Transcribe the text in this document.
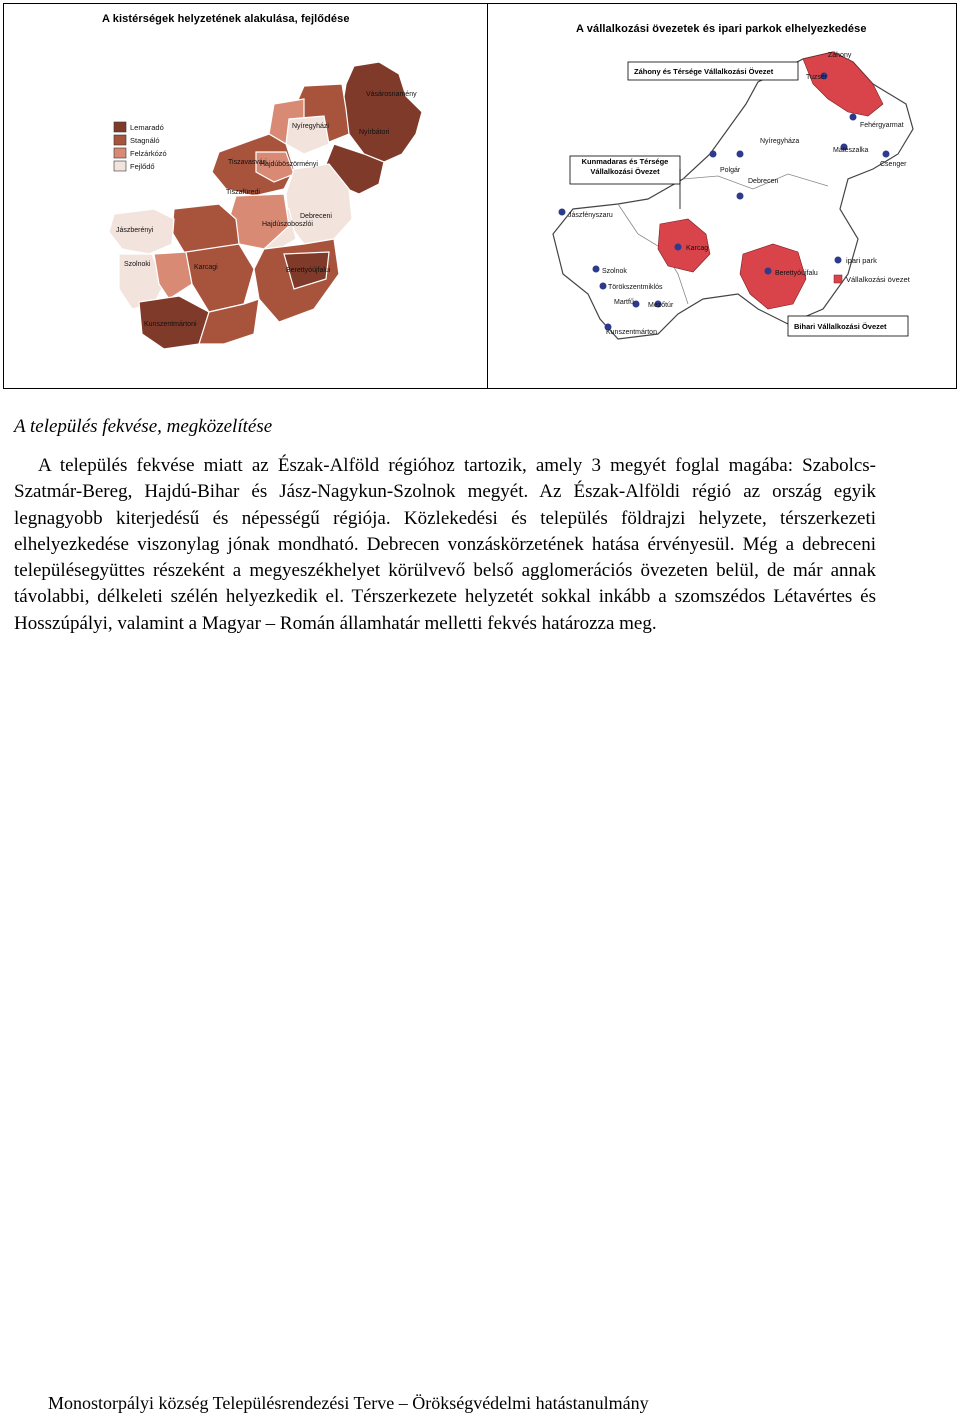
A kistérségek helyzetének alakulása, fejlődése
Lemaradó
Stagnáló
Felzárkózó
Fejlődő
Vásárosnamény
Nyírbátori
Tiszavasvári
Nyíregyházi
Hajdúböszörményi
Tiszafüredi
Debreceni
Hajdúszoboszlói
Jászberényi
Szolnoki	Karcagi	Berettyóújfalui
Kunszentmártoni
A vállalkozási övezetek és ipari parkok elhelyezkedése
Záhony
Tuzsér
Nyíregyháza
Fehérgyarmat
Mátészalka
Csenger
Polgár
Debrecen
Jászfényszaru
Karcag
Szolnok
Törökszentmiklós
Berettyóújfalu
Martfű Mezőtúr
Kunszentmárton
Záhony és Térsége Vállalkozási Övezet
Kunmadaras és Térsége Vállalkozási Övezet
Bihari Vállalkozási Övezet
ipari park
Vállalkozási övezet
A település fekvése, megközelítése

A település fekvése miatt az Észak-Alföld régióhoz tartozik, amely 3 megyét foglal magába: Szabolcs-Szatmár-Bereg, Hajdú-Bihar és Jász-Nagykun-Szolnok megyét. Az Észak-Alföldi régió az ország egyik legnagyobb kiterjedésű és népességű régiója. Közlekedési és település földrajzi helyzete, térszerkezeti elhelyezkedése viszonylag jónak mondható. Debrecen vonzáskörzetének hatása érvényesül. Még a debreceni településegyüttes részeként a megyeszékhelyet körülvevő belső agglomerációs övezeten belül, de már annak távolabbi, délkeleti szélén helyezkedik el. Térszerkezete helyzetét sokkal inkább a szomszédos Létavértes és Hosszúpályi, valamint a Magyar – Román államhatár melletti fekvés határozza meg.

Monostorpályi község Településrendezési Terve – Örökségvédelmi hatástanulmány
